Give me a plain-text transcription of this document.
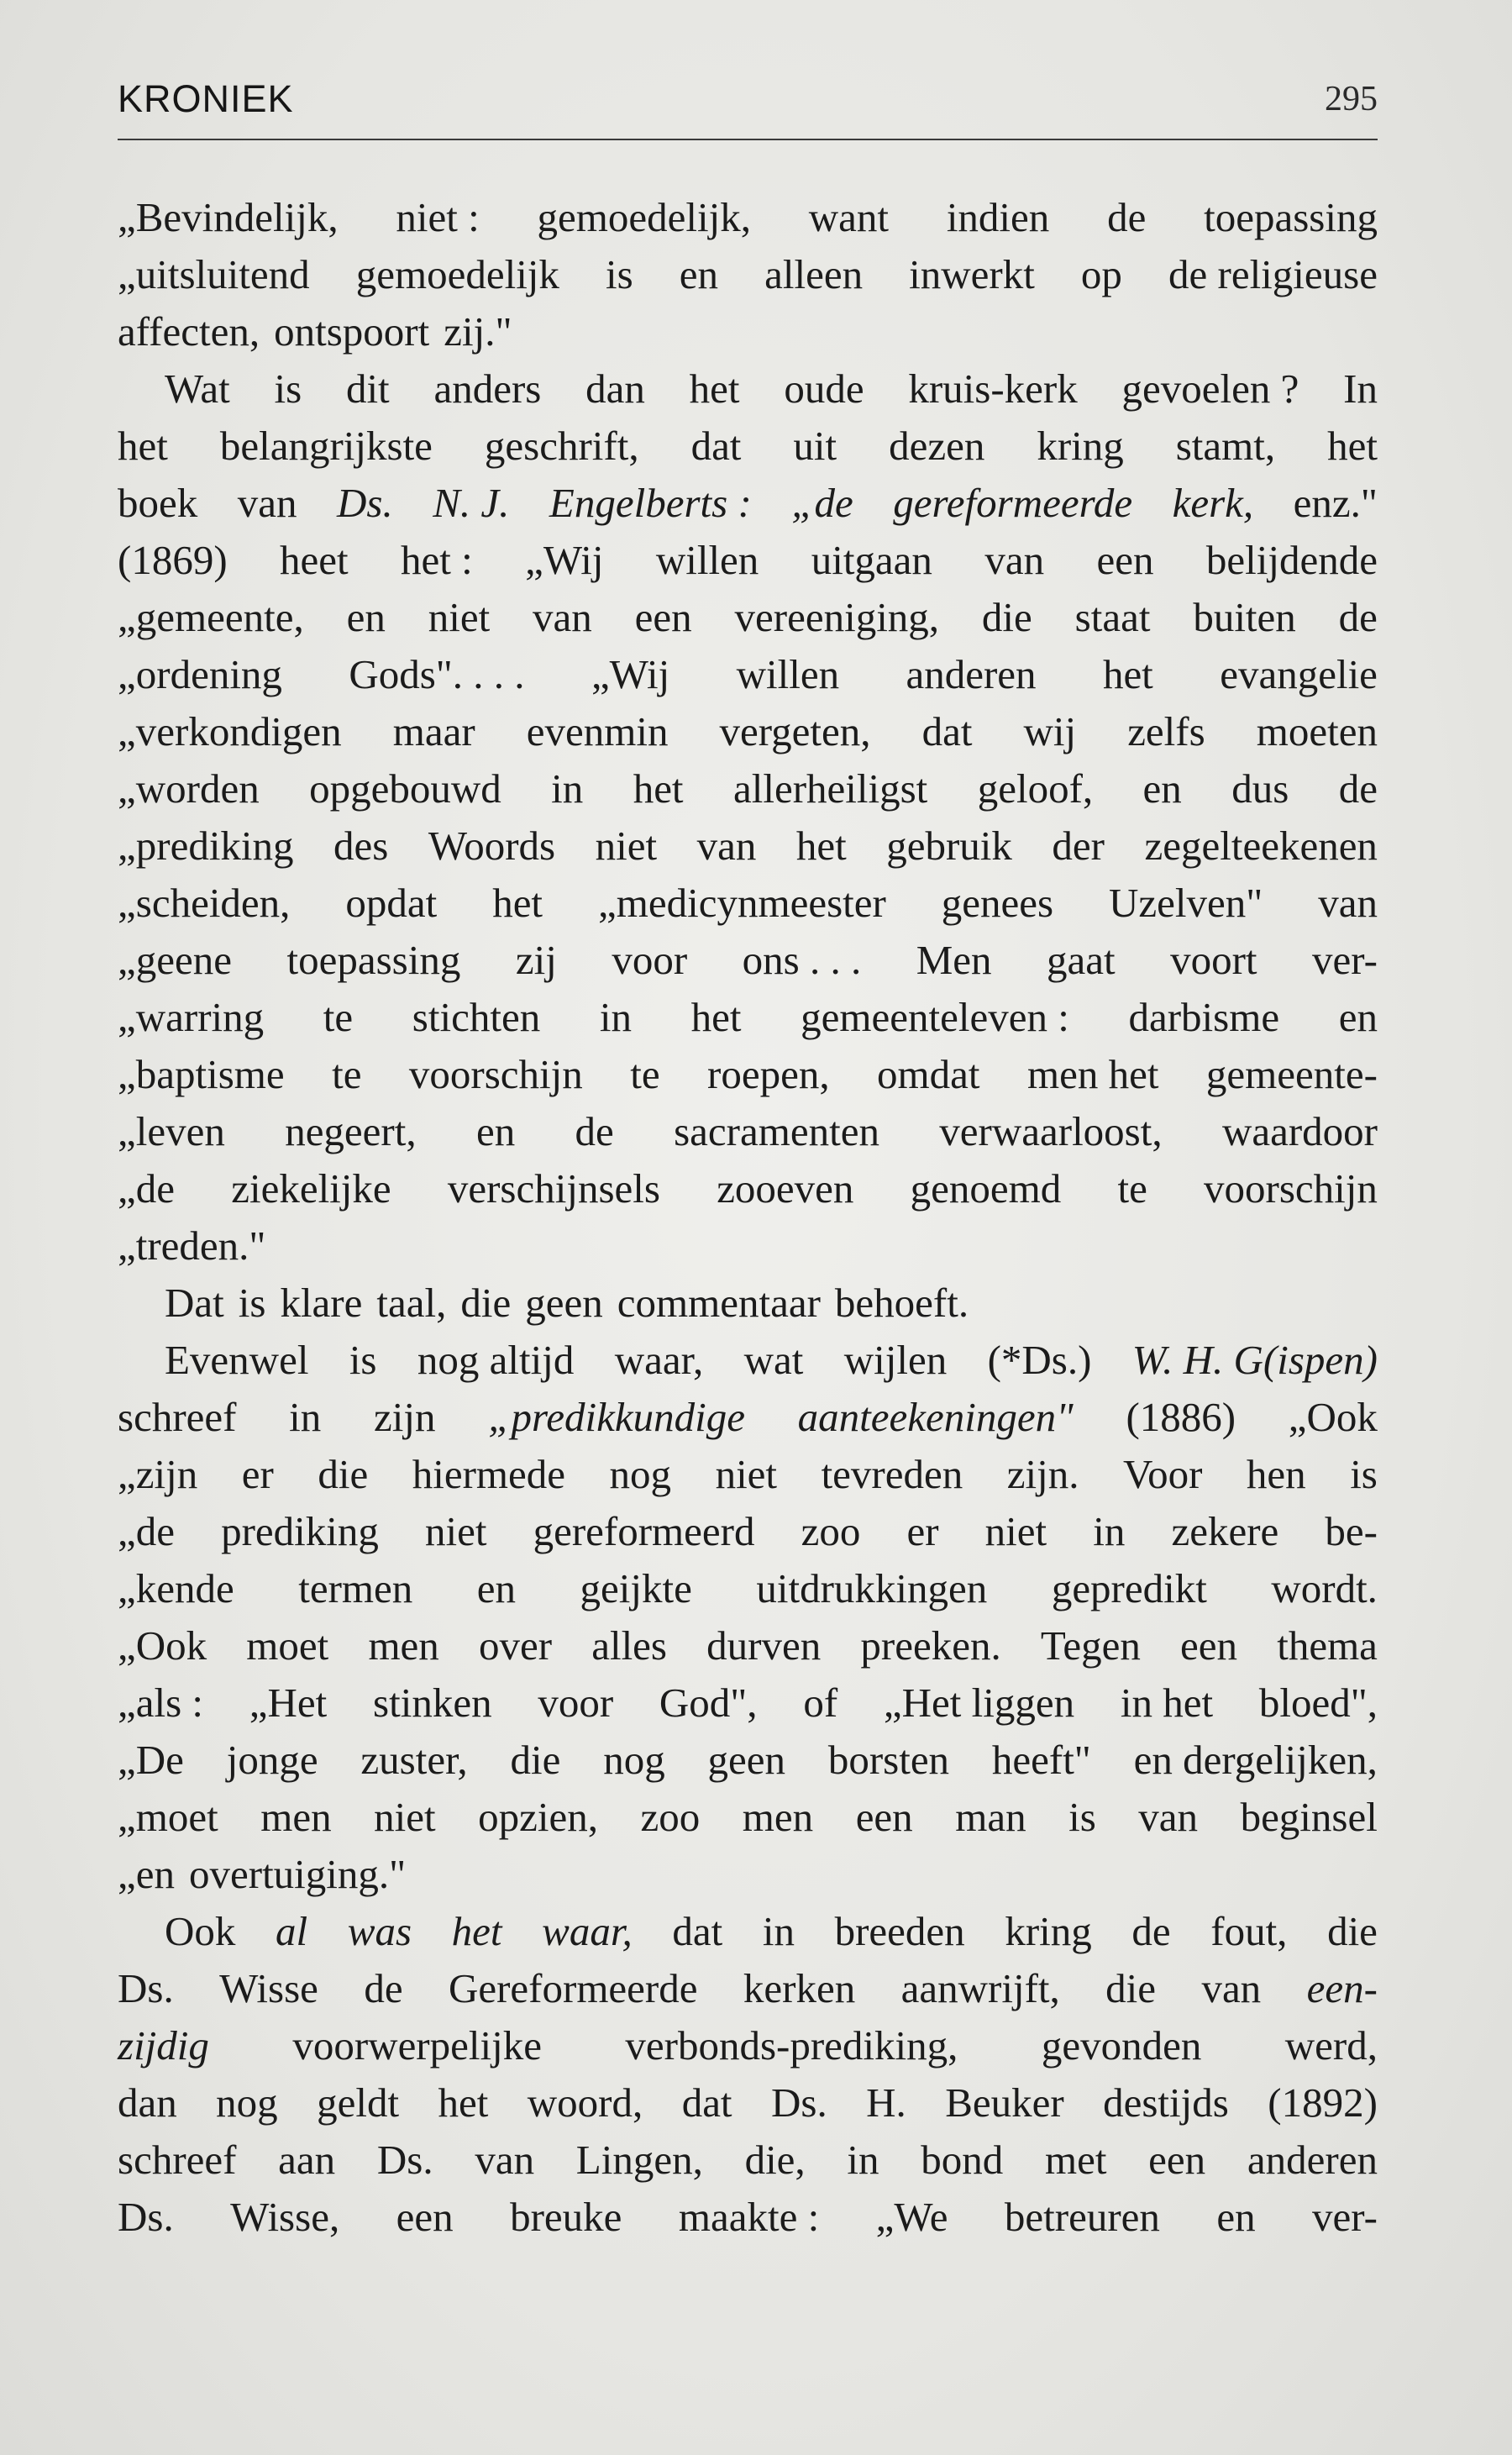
KRONIEK	295
„Bevindelijk, niet : gemoedelijk, want indien de toepassing
„uitsluitend gemoedelijk is en alleen inwerkt op de religieuse
affecten, ontspoort zij."
Wat is dit anders dan het oude kruis-kerk gevoelen ? In
het belangrijkste geschrift, dat uit dezen kring stamt, het
boek van Ds. N. J. Engelberts : „de gereformeerde kerk, enz."
(1869) heet het : „Wij willen uitgaan van een belijdende
„gemeente, en niet van een vereeniging, die staat buiten de
„ordening Gods". . . . „Wij willen anderen het evangelie
„verkondigen maar evenmin vergeten, dat wij zelfs moeten
„worden opgebouwd in het allerheiligst geloof, en dus de
„prediking des Woords niet van het gebruik der zegelteekenen
„scheiden, opdat het „medicynmeester genees Uzelven" van
„geene toepassing zij voor ons . . . Men gaat voort ver-
„warring te stichten in het gemeenteleven : darbisme en
„baptisme te voorschijn te roepen, omdat men het gemeente-
„leven negeert, en de sacramenten verwaarloost, waardoor
„de ziekelijke verschijnsels zooeven genoemd te voorschijn
„treden."
Dat is klare taal, die geen commentaar behoeft.
Evenwel is nog altijd waar, wat wijlen (*Ds.) W. H. G(ispen)
schreef in zijn „predikkundige aanteekeningen" (1886) „Ook
„zijn er die hiermede nog niet tevreden zijn. Voor hen is
„de prediking niet gereformeerd zoo er niet in zekere be-
„kende termen en geijkte uitdrukkingen gepredikt wordt.
„Ook moet men over alles durven preeken. Tegen een thema
„als : „Het stinken voor God", of „Het liggen in het bloed",
„De jonge zuster, die nog geen borsten heeft" en dergelijken,
„moet men niet opzien, zoo men een man is van beginsel
„en overtuiging."
Ook al was het waar, dat in breeden kring de fout, die
Ds. Wisse de Gereformeerde kerken aanwrijft, die van een-
zijdig voorwerpelijke verbonds-prediking, gevonden werd,
dan nog geldt het woord, dat Ds. H. Beuker destijds (1892)
schreef aan Ds. van Lingen, die, in bond met een anderen
Ds. Wisse, een breuke maakte : „We betreuren en ver-
